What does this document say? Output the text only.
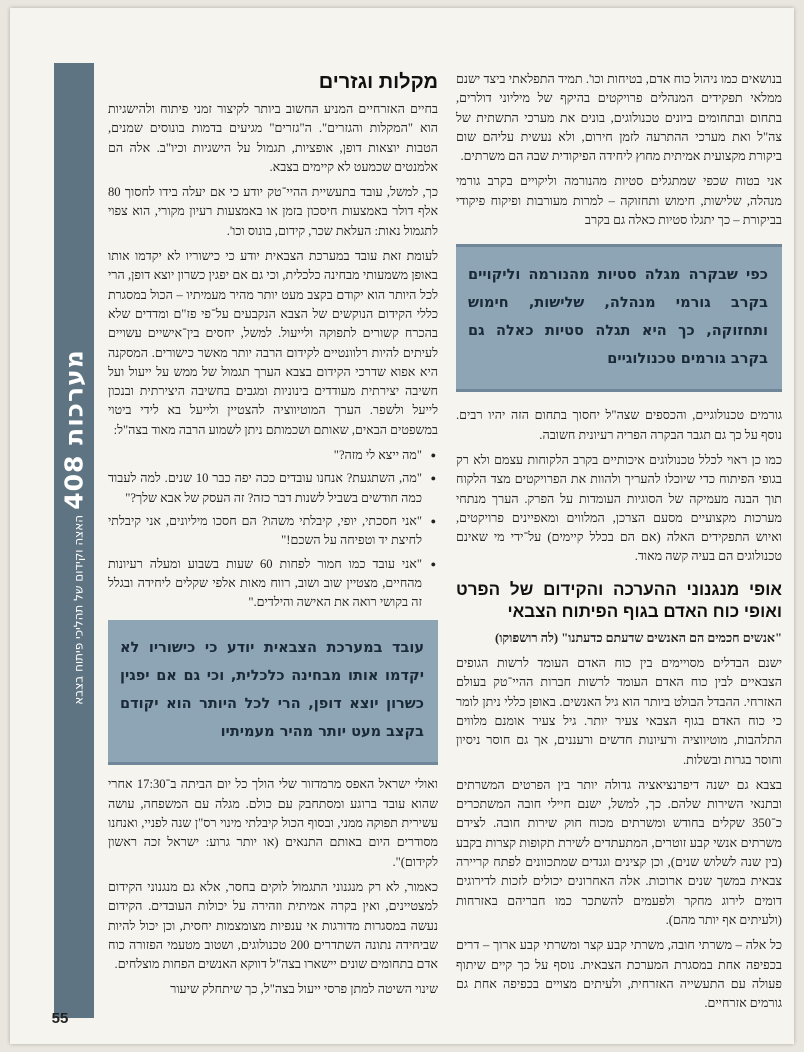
מערכות 408 האצה וקידום של תהליכי פיתוח בצבא
55
מקלות וגזרים

בחיים האזרחיים המניע החשוב ביותר לקיצור זמני פיתוח ולהישגיות הוא "המקלות והגזרים". ה"גזרים" מגיעים בדמות בונוסים שמנים, הטבות יוצאות דופן, אופציות, תגמול על הישגיות וכיו"ב. אלה הם אלמנטים שכמעט לא קיימים בצבא.

כך, למשל, עובד בתעשיית ההיי־טק יודע כי אם יעלה בידו לחסוך 80 אלף דולר באמצעות חיסכון בזמן או באמצעות רעיון מקורי, הוא צפוי לתגמול נאות: העלאת שכר, קידום, בונוס וכו'.

לעומת זאת עובד במערכת הצבאית יודע כי כישוריו לא יקדמו אותו באופן משמעותי מבחינה כלכלית, וכי גם אם יפגין כשרון יוצא דופן, הרי לכל היותר הוא יקודם בקצב מעט יותר מהיר מעמיתיו – הכול במסגרת כללי הקידום הנוקשים של הצבא הנקבעים על־פי פז"ם ומדדים שלא בהכרח קשורים לתפוקה ולייעול. למשל, יחסים בין־אישיים עשויים לעיתים להיות רלוונטיים לקידום הרבה יותר מאשר כישורים. המסקנה היא אפוא שדרכי הקידום בצבא הערך תגמול של ממש על ייעול ועל חשיבה יצירתית מעודדים בינוניות ומגבים בחשיבה היצירתית ובנכון לייעל ולשפר. הערך המוטיווציה להצטיין ולייעל בא לידי ביטוי במשפטים הבאים, שאותם ושכמותם ניתן לשמוע הרבה מאוד בצה"ל:

● "מה ייצא לי מזה?"
● "מה, השתגעת? אנחנו עובדים ככה יפה כבר 10 שנים. למה לעבוד כמה חודשים בשביל לשנות דבר כזה? זה העסק של אבא שלך?"
● "אני חסכתי, יופי, קיבלתי משהו? הם חסכו מיליונים, אני קיבלתי לחיצת יד וטפיחה על השכם!"
● "אני עובד כמו חמור לפחות 60 שעות בשבוע ומעלה רעיונות מהחיים, מצטיין שוב ושוב, רווח מאות אלפי שקלים ליחידה ובגלל זה בקושי רואה את האישה והילדים."
עובד במערכת הצבאית יודע כי כישוריו לא יקדמו אותו מבחינה כלכלית, וכי גם אם יפגין כשרון יוצא דופן, הרי לכל היותר הוא יקודם בקצב מעט יותר מהיר מעמיתיו

ואולי ישראל האפס מרמדזור שלי הולך כל יום הביתה ב־17:30 אחרי שהוא עובד ברוגע ומסתחבק עם כולם. מגלה עם המשפחה, עושה עשירית תפוקה ממני, ובסוף הכול קיבלתי מינוי רס"ן שנה לפניי, ואנחנו מסודרים היום באותם התנאים (או יותר גרוע: ישראל זכה ראשון לקידום)".

כאמור, לא רק מנגנוני התגמול לוקים בחסר, אלא גם מנגנוני הקידום למצטיינים, ואין בקרה אמיתית וזהירה על יכולות העובדים. הקידום נעשה במסגרות מדורגות אי ענפיות מצומצמות יחסית, וכן יכול להיות שביחידה נתונה השתדרים 200 טכנולוגים, ושטוב מטעמי הפזורה כוח אדם בתחומים שונים יישארו בצה"ל דווקא האנשים הפחות מוצלחים.

שינוי השיטה למתן פרסי ייעול בצה"ל, כך שיתחלק שיעור

בנושאים כמו ניהול כוח אדם, בטיחות וכו'. תמיד התפלאתי ביצד ישנם ממלאי תפקידים המנהלים פרויקטים בהיקף של מיליוני דולרים, בתחום ובתחומים ביונים טכנולוגים, בונים את מערכי התשתית של צה"ל ואת מערכי ההתרעה לזמן חירום, ולא נעשית עליהם שום ביקורת מקצועית אמיתית מחוץ ליחידה הפיקודית שבה הם משרתים.

אני בטוח שכפי שמתגלים סטיות מהנורמה וליקויים בקרב גורמי מנהלה, שלישות, חימוש ותחזוקה – למרות מעורבות ופיקוח פיקודי בביקורת – כך יתגלו סטיות כאלה גם בקרב

כפי שבקרה מגלה סטיות מהנורמה וליקויים בקרב גורמי מנהלה, שלישות, חימוש ותחזוקה, כך היא תגלה סטיות כאלה גם בקרב גורמים טכנולוגיים

גורמים טכנולוגיים, והכספים שצה"ל יחסוך בתחום הזה יהיו רבים. נוסף על כך גם תגבר הבקרה הפריה רעיונית חשובה.

כמו כן ראוי לכלל טכנולוגים איכותיים בקרב הלקוחות עצמם ולא רק בגופי הפיתוח כדי שיוכלו להעריך ולהוות את הפרויקטים מצד הלקוח תוך הבנה מעמיקה של הסוגיות העומדות על הפרק. הערך מנתחי מערכות מקצועיים מסעם הצרכן, המלווים ומאפיינים פרויקטים, ואיוש התפקידים האלה (אם הם בכלל קיימים) על־ידי מי שאינם טכנולוגים הם בעיה קשה מאוד.

אופי מנגנוני ההערכה והקידום של הפרט ואופי כוח האדם בגוף הפיתוח הצבאי

"אנשים חכמים הם האנשים שדעתם כדעתנו" (לה רושפוקו)

ישנם הבדלים מסויימים בין כוח האדם העומד לרשות הגופים הצבאיים לבין כוח האדם העומד לרשות חברות ההיי־טק בעולם האזרחי. ההבדל הבולט ביותר הוא גיל האנשים. באופן כללי ניתן לומר כי כוח האדם בגוף הצבאי צעיר יותר. גיל צעיר אומנם מלווים התלהבות, מוטיווציה ורעיונות חדשים ורעננים, אך גם חוסר ניסיון וחוסר בגרות ובשלות.

בצבא גם ישנה דיפרנציאציה גדולה יותר בין הפרטים המשרתים ובתנאי השירות שלהם. כך, למשל, ישנם חיילי חובה המשתכרים כ־350 שקלים בחודש ומשרתים מכוח חוק שירות חובה. לצידם משרתים אנשי קבע זוטרים, המתעתדים לשירת תקופות קצרות בקבע (בין שנה לשלוש שנים), וכן קצינים וגנדים שמתכוונים לפתח קריירה צבאית במשך שנים ארוכות. אלה האחרונים יכולים לזכות לדירוגים דומים לירוג מחקר ולפעמים להשתכר כמו חבריהם באזרחות (ולעיתים אף יותר מהם).

כל אלה – משרתי חובה, משרתי קבע קצר ומשרתי קבע ארוך – דרים בכפיפה אחת במסגרת המערכת הצבאית. נוסף על כך קיים שיתוף פעולה עם התעשייה האזרחית, ולעיתים מצויים בכפיפה אחת גם גורמים אזרחיים.
